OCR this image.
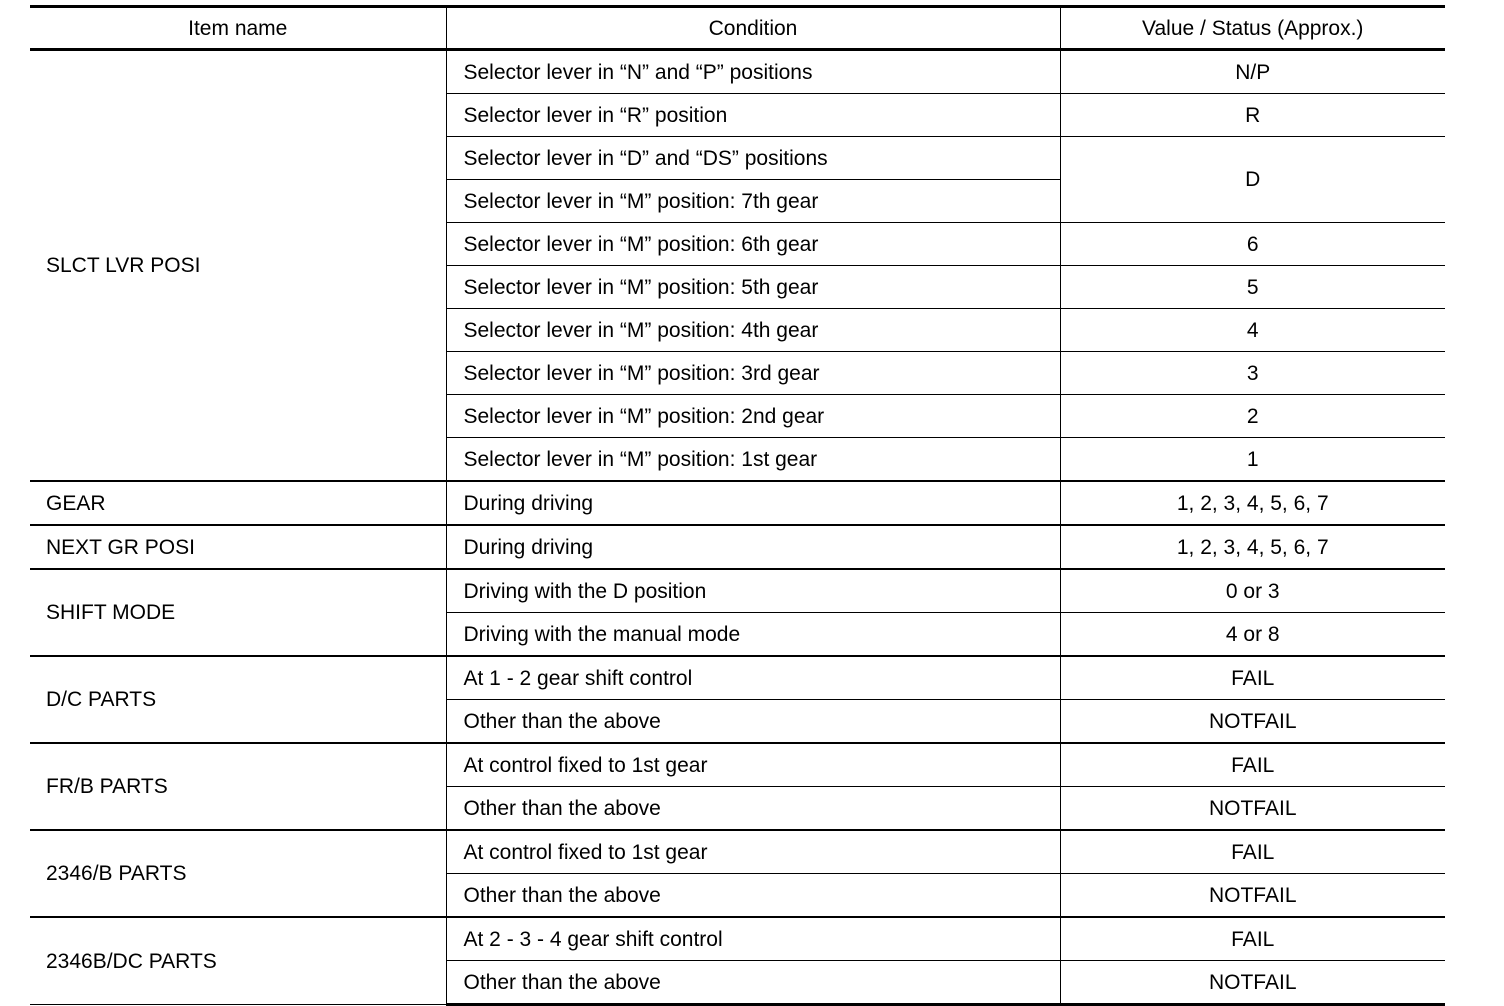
Item name	Condition	Value / Status (Approx.)
SLCT LVR POSI	Selector lever in “N” and “P” positions	N/P
	Selector lever in “R” position	R
	Selector lever in “D” and “DS” positions	D
	Selector lever in “M” position: 7th gear	
	Selector lever in “M” position: 6th gear	6
	Selector lever in “M” position: 5th gear	5
	Selector lever in “M” position: 4th gear	4
	Selector lever in “M” position: 3rd gear	3
	Selector lever in “M” position: 2nd gear	2
	Selector lever in “M” position: 1st gear	1
GEAR	During driving	1, 2, 3, 4, 5, 6, 7
NEXT GR POSI	During driving	1, 2, 3, 4, 5, 6, 7
SHIFT MODE	Driving with the D position	0 or 3
	Driving with the manual mode	4 or 8
D/C PARTS	At 1 - 2 gear shift control	FAIL
	Other than the above	NOTFAIL
FR/B PARTS	At control fixed to 1st gear	FAIL
	Other than the above	NOTFAIL
2346/B PARTS	At control fixed to 1st gear	FAIL
	Other than the above	NOTFAIL
2346B/DC PARTS	At 2 - 3 - 4 gear shift control	FAIL
	Other than the above	NOTFAIL
